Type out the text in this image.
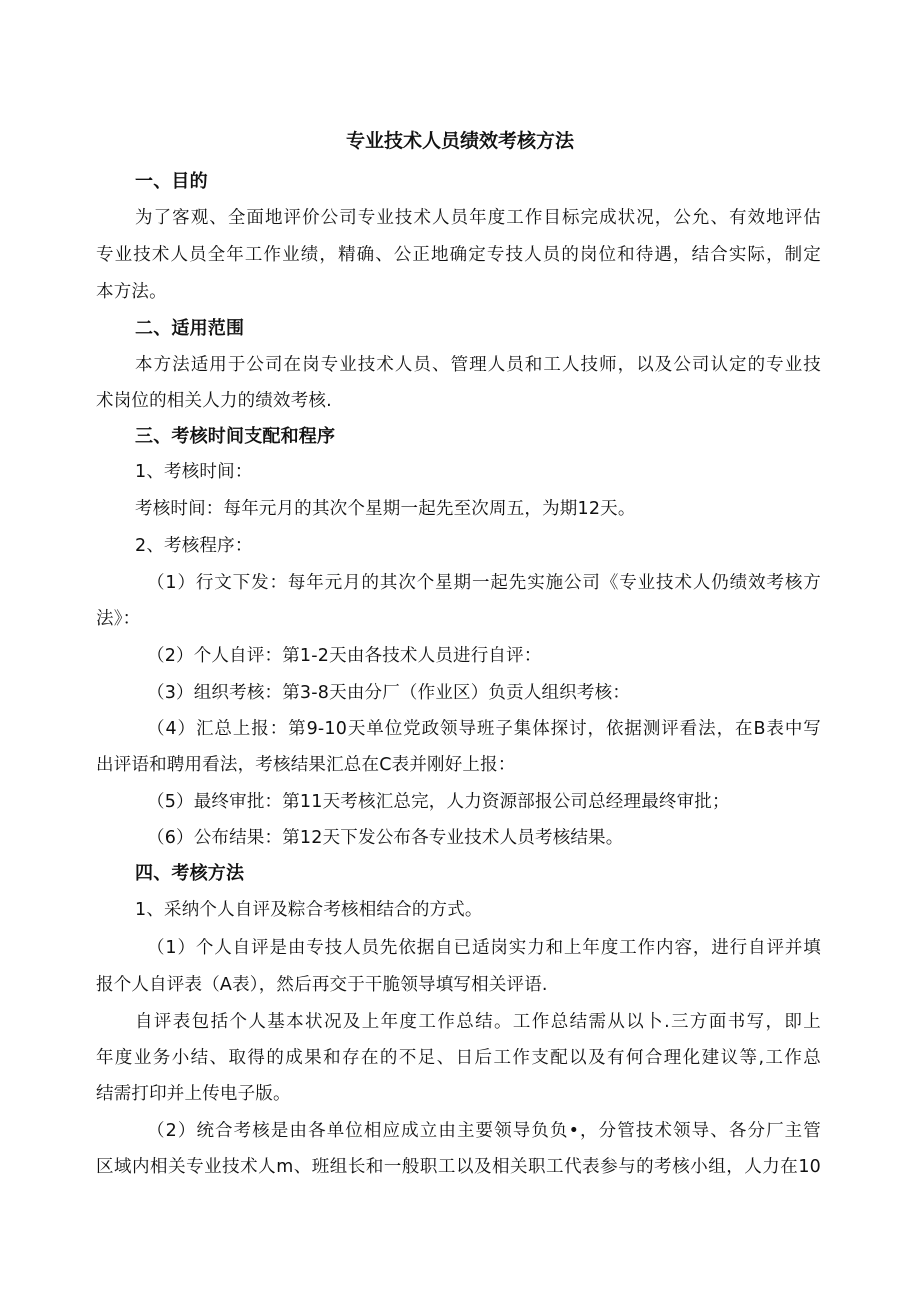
专业技术人员绩效考核方法
一、目的
为了客观、全面地评价公司专业技术人员年度工作目标完成状况，公允、有效地评估
专业技术人员全年工作业绩，精确、公正地确定专技人员的岗位和待遇，结合实际，制定
本方法。
二、适用范围
本方法适用于公司在岗专业技术人员、管理人员和工人技师，以及公司认定的专业技
术岗位的相关人力的绩效考核.
三、考核时间支配和程序
1、考核时间：
考核时间：每年元月的其次个星期一起先至次周五，为期12天。
2、考核程序：
（1）行文下发：每年元月的其次个星期一起先实施公司《专业技术人仍绩效考核方
法》：
（2）个人自评：第1-2天由各技术人员进行自评：
（3）组织考核：第3-8天由分厂（作业区）负贡人组织考核：
（4）汇总上报：第9-10天单位党政领导班子集体探讨，依据测评看法，在B表中写
出评语和聘用看法，考核结果汇总在C表并刚好上报：
（5）最终审批：第11天考核汇总完，人力资源部报公司总经理最终审批；
（6）公布结果：第12天下发公布各专业技术人员考核结果。
四、考核方法
1、采纳个人自评及粽合考核相结合的方式。
（1）个人自评是由专技人员先依据自已适岗实力和上年度工作内容，进行自评并填
报个人自评表（A表），然后再交于干脆领导填写相关评语.
自评表包括个人基本状况及上年度工作总结。工作总结需从以卜.三方面书写，即上
年度业务小结、取得的成果和存在的不足、日后工作支配以及有何合理化建议等,工作总
结需打印并上传电子版。
（2）统合考核是由各单位相应成立由主要领导负负•，分管技术领导、各分厂主管
区域内相关专业技术人m、班组长和一般职工以及相关职工代表参与的考核小组，人力在10
